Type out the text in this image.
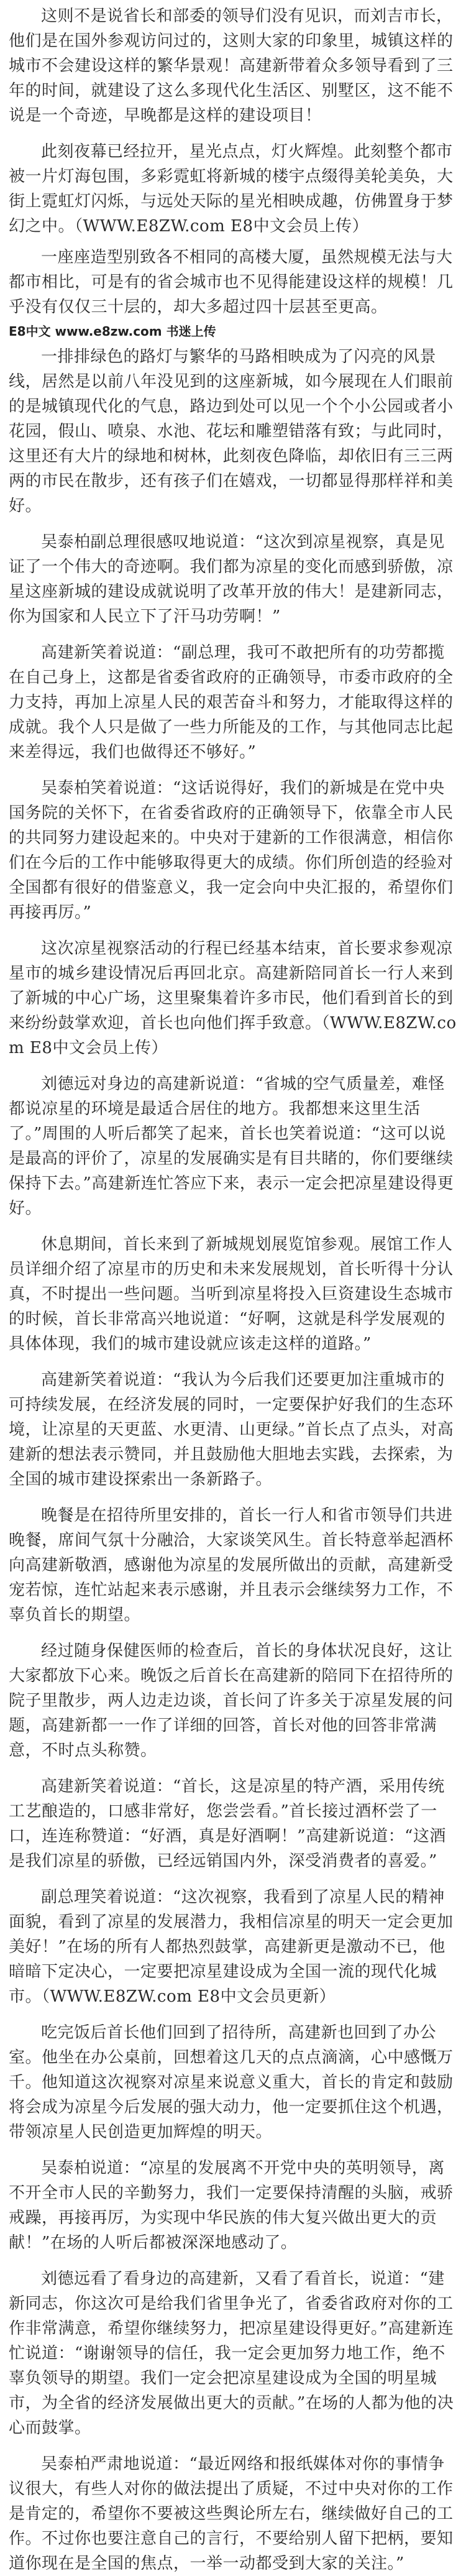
这则不是说省长和部委的领导们没有见识，而刘吉市长，他们是在国外参观访问过的，这则大家的印象里，城镇这样的城市不会建设这样的繁华景观！高建新带着众多领导看到了三年的时间，就建设了这么多现代化生活区、别墅区，这不能不说是一个奇迹，早晚都是这样的建设项目！

此刻夜幕已经拉开，星光点点，灯火辉煌。此刻整个都市被一片灯海包围，多彩霓虹将新城的楼宇点缀得美轮美奂，大街上霓虹灯闪烁，与远处天际的星光相映成趣，仿佛置身于梦幻之中。（WWW.E8ZW.com E8中文会员上传）

一座座造型别致各不相同的高楼大厦，虽然规模无法与大都市相比，可是有的省会城市也不见得能建设这样的规模！几乎没有仅仅三十层的，却大多超过四十层甚至更高。

E8中文 www.e8zw.com 书迷上传

一排排绿色的路灯与繁华的马路相映成为了闪亮的风景线，居然是以前八年没见到的这座新城，如今展现在人们眼前的是城镇现代化的气息，路边到处可以见一个个小公园或者小花园，假山、喷泉、水池、花坛和雕塑错落有致；与此同时，这里还有大片的绿地和树林，此刻夜色降临，却依旧有三三两两的市民在散步，还有孩子们在嬉戏，一切都显得那样祥和美好。

吴泰柏副总理很感叹地说道：“这次到凉星视察，真是见证了一个伟大的奇迹啊。我们都为凉星的变化而感到骄傲，凉星这座新城的建设成就说明了改革开放的伟大！是建新同志，你为国家和人民立下了汗马功劳啊！”

高建新笑着说道：“副总理，我可不敢把所有的功劳都揽在自己身上，这都是省委省政府的正确领导，市委市政府的全力支持，再加上凉星人民的艰苦奋斗和努力，才能取得这样的成就。我个人只是做了一些力所能及的工作，与其他同志比起来差得远，我们也做得还不够好。”

吴泰柏笑着说道：“这话说得好，我们的新城是在党中央国务院的关怀下，在省委省政府的正确领导下，依靠全市人民的共同努力建设起来的。中央对于建新的工作很满意，相信你们在今后的工作中能够取得更大的成绩。你们所创造的经验对全国都有很好的借鉴意义，我一定会向中央汇报的，希望你们再接再厉。”

这次凉星视察活动的行程已经基本结束，首长要求参观凉星市的城乡建设情况后再回北京。高建新陪同首长一行人来到了新城的中心广场，这里聚集着许多市民，他们看到首长的到来纷纷鼓掌欢迎，首长也向他们挥手致意。（WWW.E8ZW.com E8中文会员上传）

刘德远对身边的高建新说道：“省城的空气质量差，难怪都说凉星的环境是最适合居住的地方。我都想来这里生活了。”周围的人听后都笑了起来，首长也笑着说道：“这可以说是最高的评价了，凉星的发展确实是有目共睹的，你们要继续保持下去。”高建新连忙答应下来，表示一定会把凉星建设得更好。

休息期间，首长来到了新城规划展览馆参观。展馆工作人员详细介绍了凉星市的历史和未来发展规划，首长听得十分认真，不时提出一些问题。当听到凉星将投入巨资建设生态城市的时候，首长非常高兴地说道：“好啊，这就是科学发展观的具体体现，我们的城市建设就应该走这样的道路。”

高建新笑着说道：“我认为今后我们还要更加注重城市的可持续发展，在经济发展的同时，一定要保护好我们的生态环境，让凉星的天更蓝、水更清、山更绿。”首长点了点头，对高建新的想法表示赞同，并且鼓励他大胆地去实践，去探索，为全国的城市建设探索出一条新路子。

晚餐是在招待所里安排的，首长一行人和省市领导们共进晚餐，席间气氛十分融洽，大家谈笑风生。首长特意举起酒杯向高建新敬酒，感谢他为凉星的发展所做出的贡献，高建新受宠若惊，连忙站起来表示感谢，并且表示会继续努力工作，不辜负首长的期望。

经过随身保健医师的检查后，首长的身体状况良好，这让大家都放下心来。晚饭之后首长在高建新的陪同下在招待所的院子里散步，两人边走边谈，首长问了许多关于凉星发展的问题，高建新都一一作了详细的回答，首长对他的回答非常满意，不时点头称赞。

高建新笑着说道：“首长，这是凉星的特产酒，采用传统工艺酿造的，口感非常好，您尝尝看。”首长接过酒杯尝了一口，连连称赞道：“好酒，真是好酒啊！”高建新说道：“这酒是我们凉星的骄傲，已经远销国内外，深受消费者的喜爱。”

副总理笑着说道：“这次视察，我看到了凉星人民的精神面貌，看到了凉星的发展潜力，我相信凉星的明天一定会更加美好！”在场的所有人都热烈鼓掌，高建新更是激动不已，他暗暗下定决心，一定要把凉星建设成为全国一流的现代化城市。（WWW.E8ZW.com E8中文会员更新）

吃完饭后首长他们回到了招待所，高建新也回到了办公室。他坐在办公桌前，回想着这几天的点点滴滴，心中感慨万千。他知道这次视察对凉星来说意义重大，首长的肯定和鼓励将会成为凉星今后发展的强大动力，他一定要抓住这个机遇，带领凉星人民创造更加辉煌的明天。

吴泰柏说道：“凉星的发展离不开党中央的英明领导，离不开全市人民的辛勤努力，我们一定要保持清醒的头脑，戒骄戒躁，再接再厉，为实现中华民族的伟大复兴做出更大的贡献！”在场的人听后都被深深地感动了。

刘德远看了看身边的高建新，又看了看首长，说道：“建新同志，你这次可是给我们省里争光了，省委省政府对你的工作非常满意，希望你继续努力，把凉星建设得更好。”高建新连忙说道：“谢谢领导的信任，我一定会更加努力地工作，绝不辜负领导的期望。我们一定会把凉星建设成为全国的明星城市，为全省的经济发展做出更大的贡献。”在场的人都为他的决心而鼓掌。

吴泰柏严肃地说道：“最近网络和报纸媒体对你的事情争议很大，有些人对你的做法提出了质疑，不过中央对你的工作是肯定的，希望你不要被这些舆论所左右，继续做好自己的工作。不过你也要注意自己的言行，不要给别人留下把柄，要知道你现在是全国的焦点，一举一动都受到大家的关注。”
